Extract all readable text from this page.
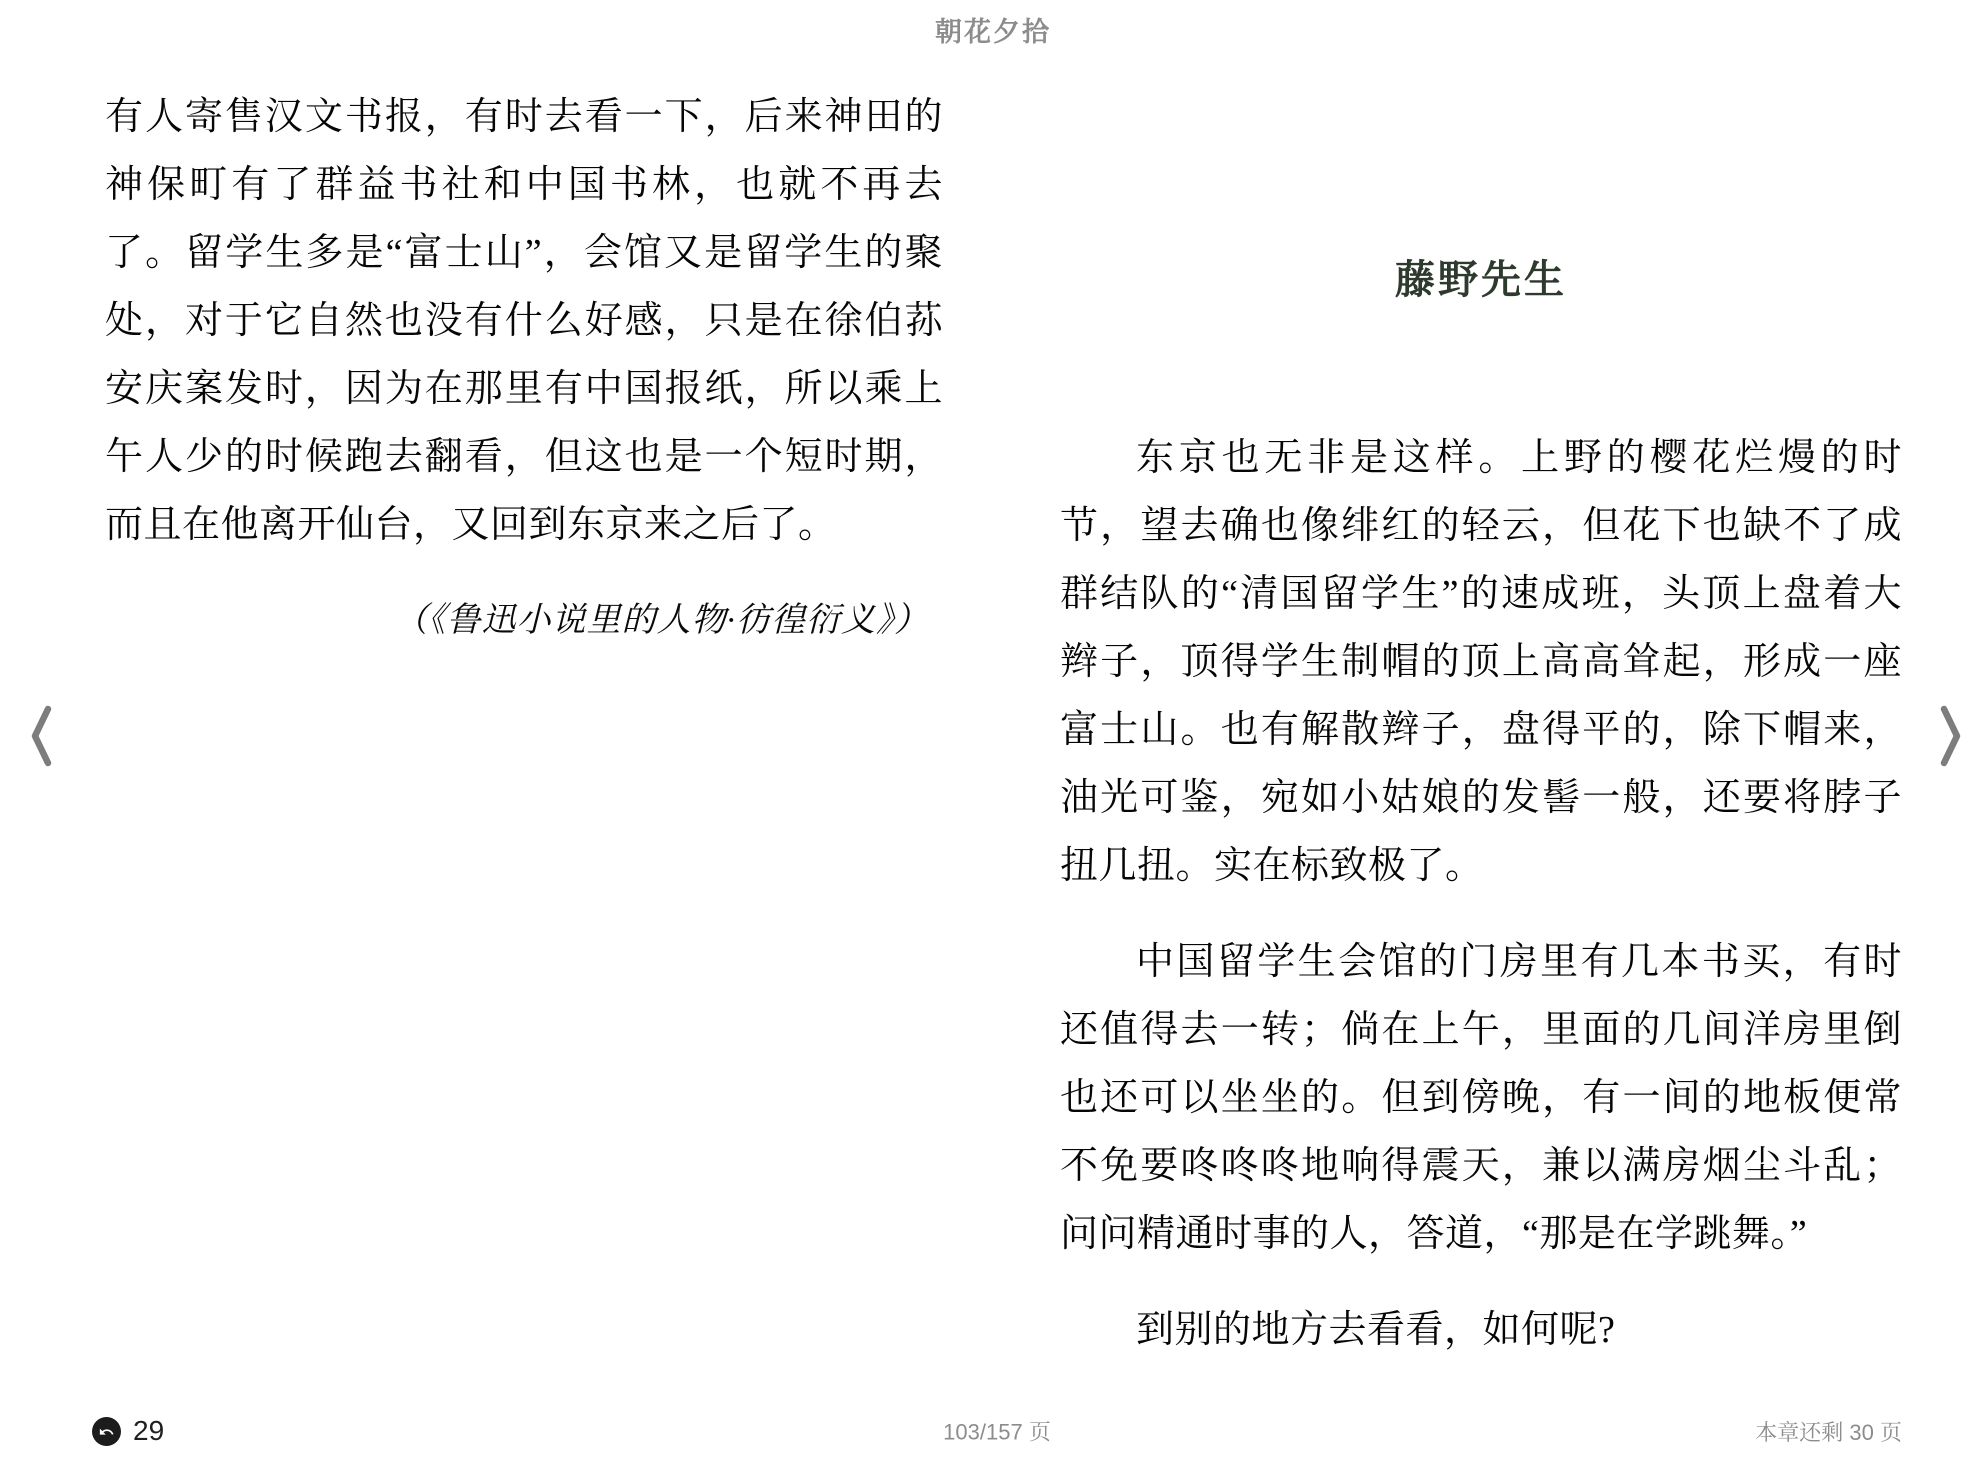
朝花夕拾
有人寄售汉文书报，有时去看一下，后来神田的神保町有了群益书社和中国书林，也就不再去了。留学生多是“富士山”，会馆又是留学生的聚处，对于它自然也没有什么好感，只是在徐伯荪安庆案发时，因为在那里有中国报纸，所以乘上午人少的时候跑去翻看，但这也是一个短时期，而且在他离开仙台，又回到东京来之后了。
（《鲁迅小说里的人物·彷徨衍义》）
藤野先生
东京也无非是这样。上野的樱花烂熳的时节，望去确也像绯红的轻云，但花下也缺不了成群结队的“清国留学生”的速成班，头顶上盘着大辫子，顶得学生制帽的顶上高高耸起，形成一座富士山。也有解散辫子，盘得平的，除下帽来，油光可鉴，宛如小姑娘的发髻一般，还要将脖子扭几扭。实在标致极了。
中国留学生会馆的门房里有几本书买，有时还值得去一转；倘在上午，里面的几间洋房里倒也还可以坐坐的。但到傍晚，有一间的地板便常不免要咚咚咚地响得震天，兼以满房烟尘斗乱；问问精通时事的人，答道，“那是在学跳舞。”
到别的地方去看看，如何呢?
29	103/157 页	本章还剩 30 页
